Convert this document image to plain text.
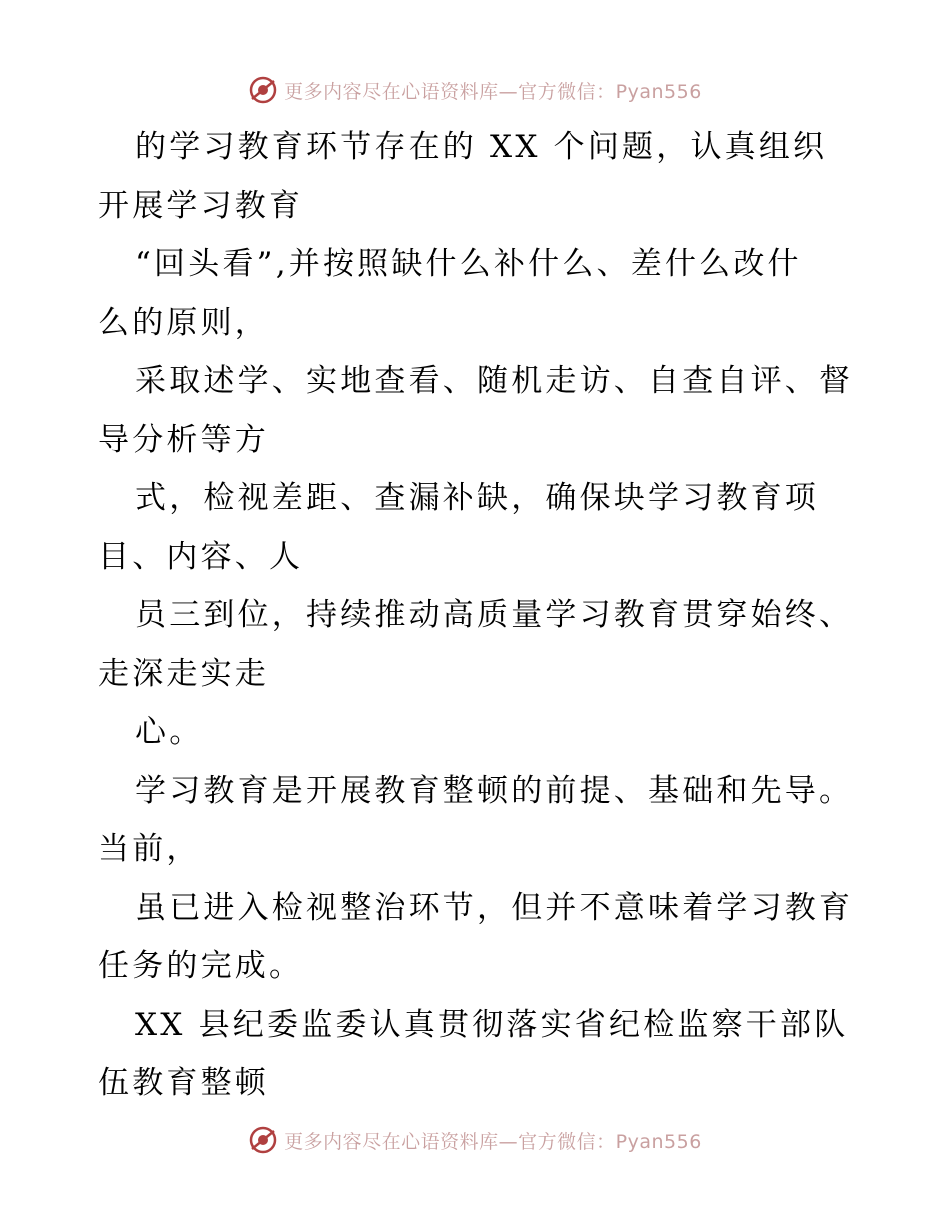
更多内容尽在心语资料库—官方微信：Pyan556
的学习教育环节存在的 XX 个问题，认真组织
开展学习教育
“回头看”,并按照缺什么补什么、差什么改什
么的原则，
采取述学、实地查看、随机走访、自查自评、督
导分析等方
式，检视差距、查漏补缺，确保块学习教育项
目、内容、人
员三到位，持续推动高质量学习教育贯穿始终、
走深走实走
心。
学习教育是开展教育整顿的前提、基础和先导。
当前，
虽已进入检视整治环节，但并不意味着学习教育
任务的完成。
XX 县纪委监委认真贯彻落实省纪检监察干部队
伍教育整顿
更多内容尽在心语资料库—官方微信：Pyan556
